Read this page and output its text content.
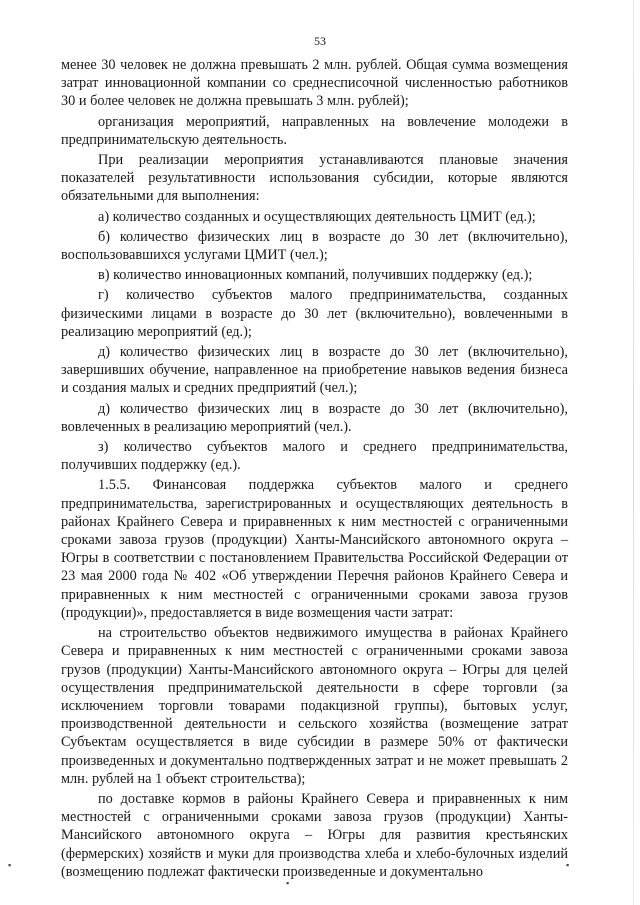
53

менее 30 человек не должна превышать 2 млн. рублей. Общая сумма возмещения затрат инновационной компании со среднесписочной численностью работников 30 и более человек не должна превышать 3 млн. рублей);

организация мероприятий, направленных на вовлечение молодежи в предпринимательскую деятельность.

При реализации мероприятия устанавливаются плановые значения показателей результативности использования субсидии, которые являются обязательными для выполнения:

а) количество созданных и осуществляющих деятельность ЦМИТ (ед.);

б) количество физических лиц в возрасте до 30 лет (включительно), воспользовавшихся услугами ЦМИТ (чел.);

в) количество инновационных компаний, получивших поддержку (ед.);

г) количество субъектов малого предпринимательства, созданных физическими лицами в возрасте до 30 лет (включительно), вовлеченными в реализацию мероприятий (ед.);

д) количество физических лиц в возрасте до 30 лет (включительно), завершивших обучение, направленное на приобретение навыков ведения бизнеса и создания малых и средних предприятий (чел.);

д) количество физических лиц в возрасте до 30 лет (включительно), вовлеченных в реализацию мероприятий (чел.).

з) количество субъектов малого и среднего предпринимательства, получивших поддержку (ед.).

1.5.5. Финансовая поддержка субъектов малого и среднего предпринимательства, зарегистрированных и осуществляющих деятельность в районах Крайнего Севера и приравненных к ним местностей с ограниченными сроками завоза грузов (продукции) Ханты-Мансийского автономного округа – Югры в соответствии с постановлением Правительства Российской Федерации от 23 мая 2000 года № 402 «Об утверждении Перечня районов Крайнего Севера и приравненных к ним местностей с ограниченными сроками завоза грузов (продукции)», предоставляется в виде возмещения части затрат:

на строительство объектов недвижимого имущества в районах Крайнего Севера и приравненных к ним местностей с ограниченными сроками завоза грузов (продукции) Ханты-Мансийского автономного округа – Югры для целей осуществления предпринимательской деятельности в сфере торговли (за исключением торговли товарами подакцизной группы), бытовых услуг, производственной деятельности и сельского хозяйства (возмещение затрат Субъектам осуществляется в виде субсидии в размере 50% от фактически произведенных и документально подтвержденных затрат и не может превышать 2 млн. рублей на 1 объект строительства);

по доставке кормов в районы Крайнего Севера и приравненных к ним местностей с ограниченными сроками завоза грузов (продукции) Ханты-Мансийского автономного округа – Югры для развития крестьянских (фермерских) хозяйств и муки для производства хлеба и хлебо-булочных изделий (возмещению подлежат фактически произведенные и документально

▪
▪
▪
